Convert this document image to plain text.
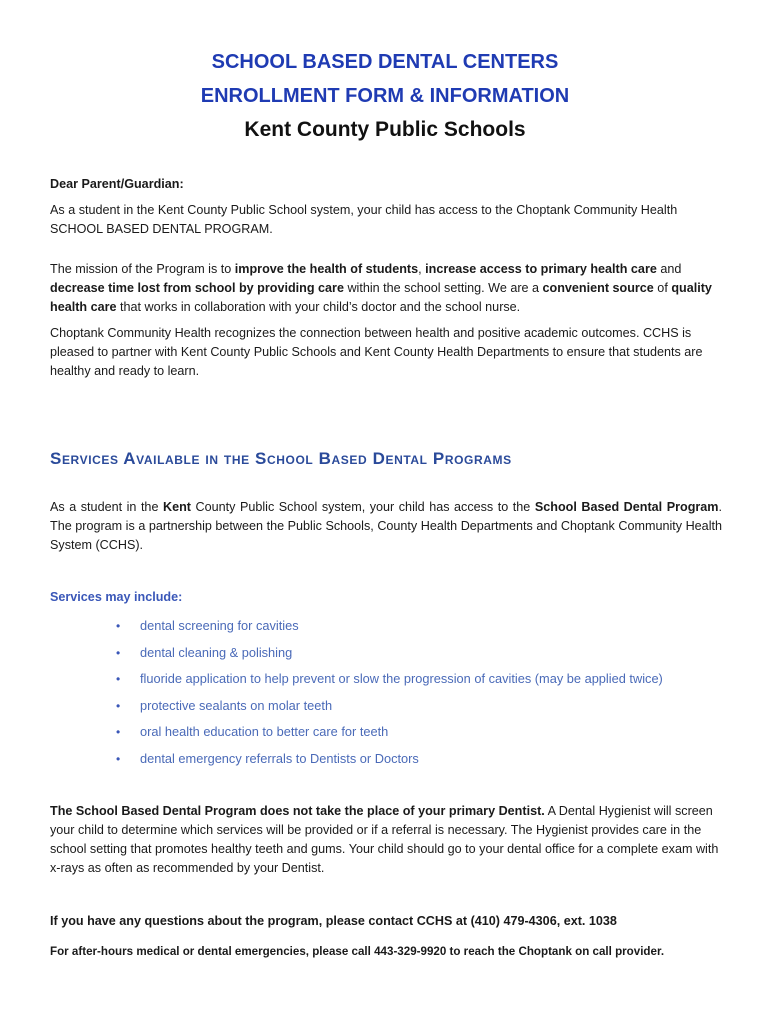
SCHOOL BASED DENTAL CENTERS
ENROLLMENT FORM & INFORMATION
Kent County Public Schools
Dear Parent/Guardian:
As a student in the Kent County Public School system, your child has access to the Choptank Community Health SCHOOL BASED DENTAL PROGRAM.
The mission of the Program is to improve the health of students, increase access to primary health care and decrease time lost from school by providing care within the school setting. We are a convenient source of quality health care that works in collaboration with your child’s doctor and the school nurse.
Choptank Community Health recognizes the connection between health and positive academic outcomes. CCHS is pleased to partner with Kent County Public Schools and Kent County Health Departments to ensure that students are healthy and ready to learn.
Services Available in the School Based Dental Programs
As a student in the Kent County Public School system, your child has access to the School Based Dental Program. The program is a partnership between the Public Schools, County Health Departments and Choptank Community Health System (CCHS).
Services may include:
• dental screening for cavities
• dental cleaning & polishing
• fluoride application to help prevent or slow the progression of cavities (may be applied twice)
• protective sealants on molar teeth
• oral health education to better care for teeth
• dental emergency referrals to Dentists or Doctors
The School Based Dental Program does not take the place of your primary Dentist. A Dental Hygienist will screen your child to determine which services will be provided or if a referral is necessary. The Hygienist provides care in the school setting that promotes healthy teeth and gums. Your child should go to your dental office for a complete exam with x-rays as often as recommended by your Dentist.
If you have any questions about the program, please contact CCHS at (410) 479-4306, ext. 1038
For after-hours medical or dental emergencies, please call 443-329-9920 to reach the Choptank on call provider.
